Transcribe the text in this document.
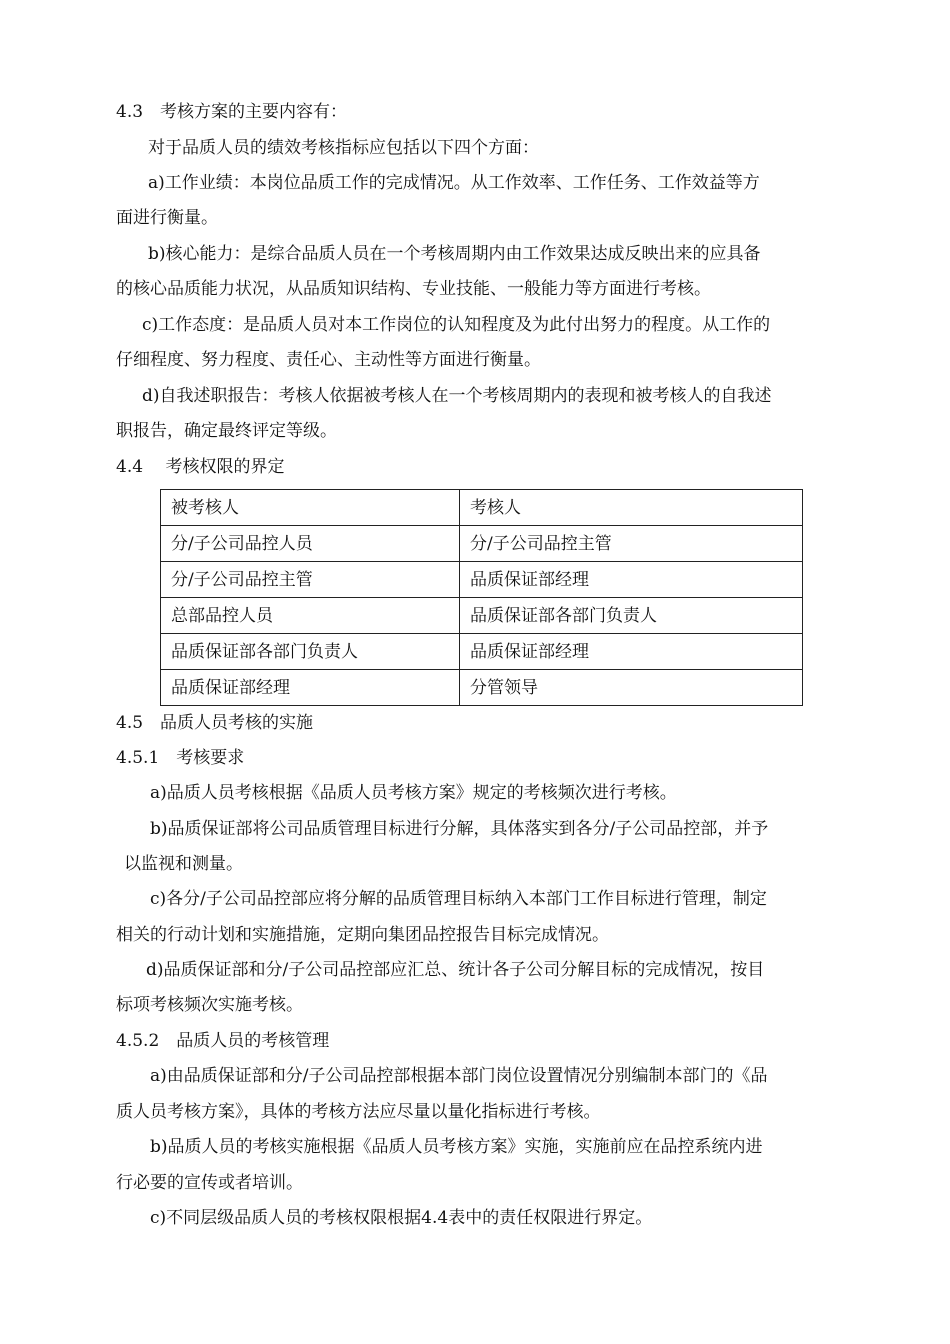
4.3　考核方案的主要内容有：
对于品质人员的绩效考核指标应包括以下四个方面：
a)工作业绩：本岗位品质工作的完成情况。从工作效率、工作任务、工作效益等方
面进行衡量。
b)核心能力：是综合品质人员在一个考核周期内由工作效果达成反映出来的应具备
的核心品质能力状况，从品质知识结构、专业技能、一般能力等方面进行考核。
c)工作态度：是品质人员对本工作岗位的认知程度及为此付出努力的程度。从工作的
仔细程度、努力程度、责任心、主动性等方面进行衡量。
d)自我述职报告：考核人依据被考核人在一个考核周期内的表现和被考核人的自我述
职报告，确定最终评定等级。
4.4　 考核权限的界定
被考核人	考核人
分/子公司品控人员	分/子公司品控主管
分/子公司品控主管	品质保证部经理
总部品控人员	品质保证部各部门负责人
品质保证部各部门负责人	品质保证部经理
品质保证部经理	分管领导
4.5　品质人员考核的实施
4.5.1　考核要求
a)品质人员考核根据《品质人员考核方案》规定的考核频次进行考核。
b)品质保证部将公司品质管理目标进行分解，具体落实到各分/子公司品控部，并予
以监视和测量。
c)各分/子公司品控部应将分解的品质管理目标纳入本部门工作目标进行管理，制定
相关的行动计划和实施措施，定期向集团品控报告目标完成情况。
d)品质保证部和分/子公司品控部应汇总、统计各子公司分解目标的完成情况，按目
标项考核频次实施考核。
4.5.2　品质人员的考核管理
a)由品质保证部和分/子公司品控部根据本部门岗位设置情况分别编制本部门的《品
质人员考核方案》，具体的考核方法应尽量以量化指标进行考核。
b)品质人员的考核实施根据《品质人员考核方案》实施，实施前应在品控系统内进
行必要的宣传或者培训。
c)不同层级品质人员的考核权限根据4.4表中的责任权限进行界定。
